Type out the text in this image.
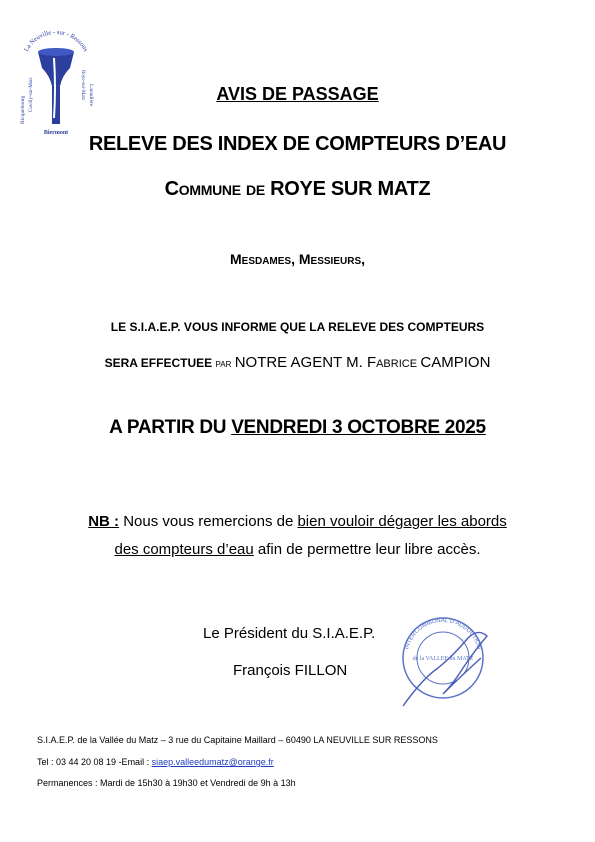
La Neuville - sur - Ressons
Ricquebourg Cuvilly-sur-Matz	Lataulière
Roye-sur-Matz
Biermont
AVIS DE PASSAGE
RELEVE DES INDEX DE COMPTEURS D’EAU
Commune de ROYE SUR MATZ
Mesdames, Messieurs,
LE S.I.A.E.P. VOUS INFORME QUE LA RELEVE DES COMPTEURS
SERA EFFECTUEE par NOTRE AGENT M. Fabrice CAMPION
A PARTIR DU VENDREDI 3 OCTOBRE 2025
NB : Nous vous remercions de bien vouloir dégager les abords
des compteurs d’eau afin de permettre leur libre accès.
Le Président du S.I.A.E.P.
François FILLON
INTERCOMMUNAL D'ADDUCTION
de la VALLEE du MATZ
S.I.A.E.P. de la Vallée du Matz – 3 rue du Capitaine Maillard – 60490 LA NEUVILLE SUR RESSONS
Tel : 03 44 20 08 19 -Email : siaep.valleedumatz@orange.fr
Permanences : Mardi de 15h30 à 19h30 et Vendredi de 9h à 13h
